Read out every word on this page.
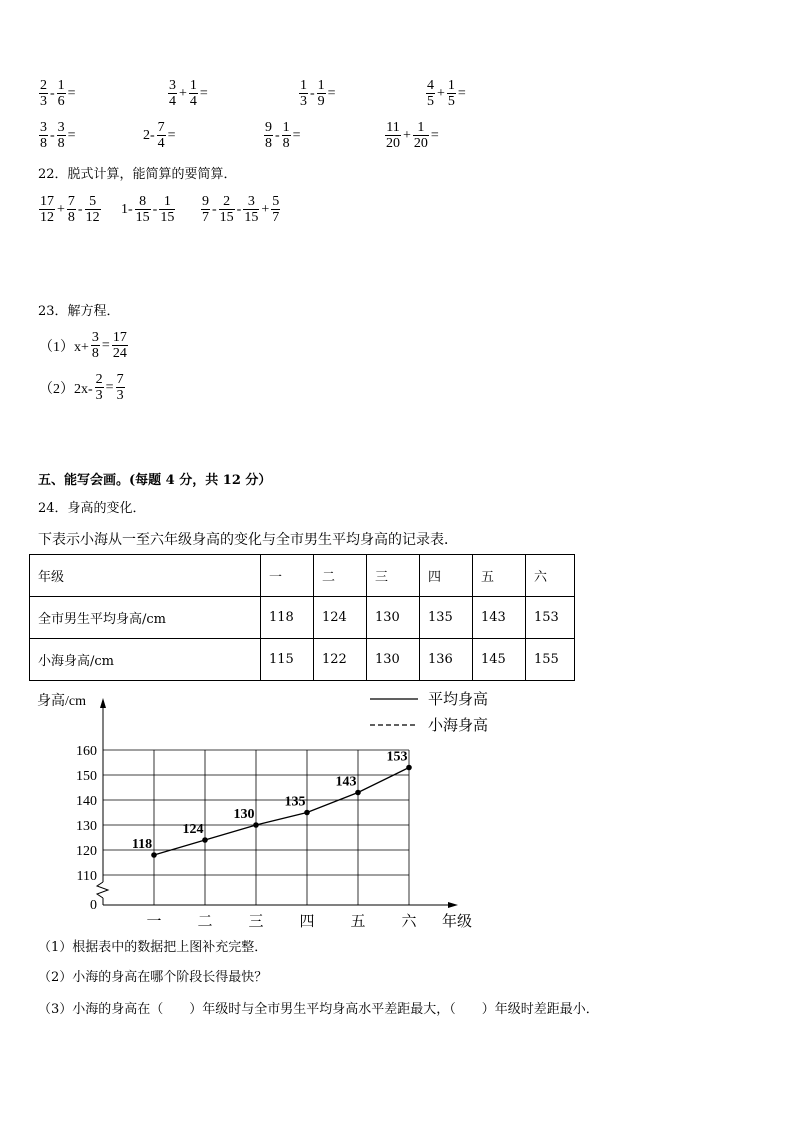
$\frac{2}{3} - \frac{1}{6}$ =	$\frac{3}{4} + \frac{1}{4}$ =	$\frac{1}{3} - \frac{1}{9}$ =	$\frac{4}{5} + \frac{1}{5}$ =
$\frac{3}{8} - \frac{3}{8}$ =	$2- \frac{7}{4}$ =	$\frac{9}{8} - \frac{1}{8}$ =	$\frac{11}{20} + \frac{1}{20}$ =
22．脱式计算，能简算的要简算．
$\frac{17}{12} + \frac{7}{8} - \frac{5}{12} 1- \frac{8}{15} - \frac{1}{15} \frac{9}{7} - \frac{2}{15} - \frac{3}{15} + \frac{5}{7}$
23．解方程．
$(1)x+ \frac{3}{8} = \frac{17}{24}$
$(2)2x- \frac{2}{3} = \frac{7}{3}$
五、能写会画。(每题 4 分，共 12 分）
24．身高的变化．
下表示小海从一至六年级身高的变化与全市男生平均身高的记录表．
年级	一	二	三	四	五	六
全市男生平均身高/cm	118	124	130	135	143	153
小海身高/cm	115	122	130	136	145	155
0
110
120
130
140
150
160
一 二 三 四 五 六
身高/cm
年级
平均身高
小海身高
118
124
130
135
143
153
（1）根据表中的数据把上图补充完整．
（2）小海的身高在哪个阶段长得最快？
（3）小海的身高在（　　）年级时与全市男生平均身高水平差距最大，（　　）年级时差距最小．
